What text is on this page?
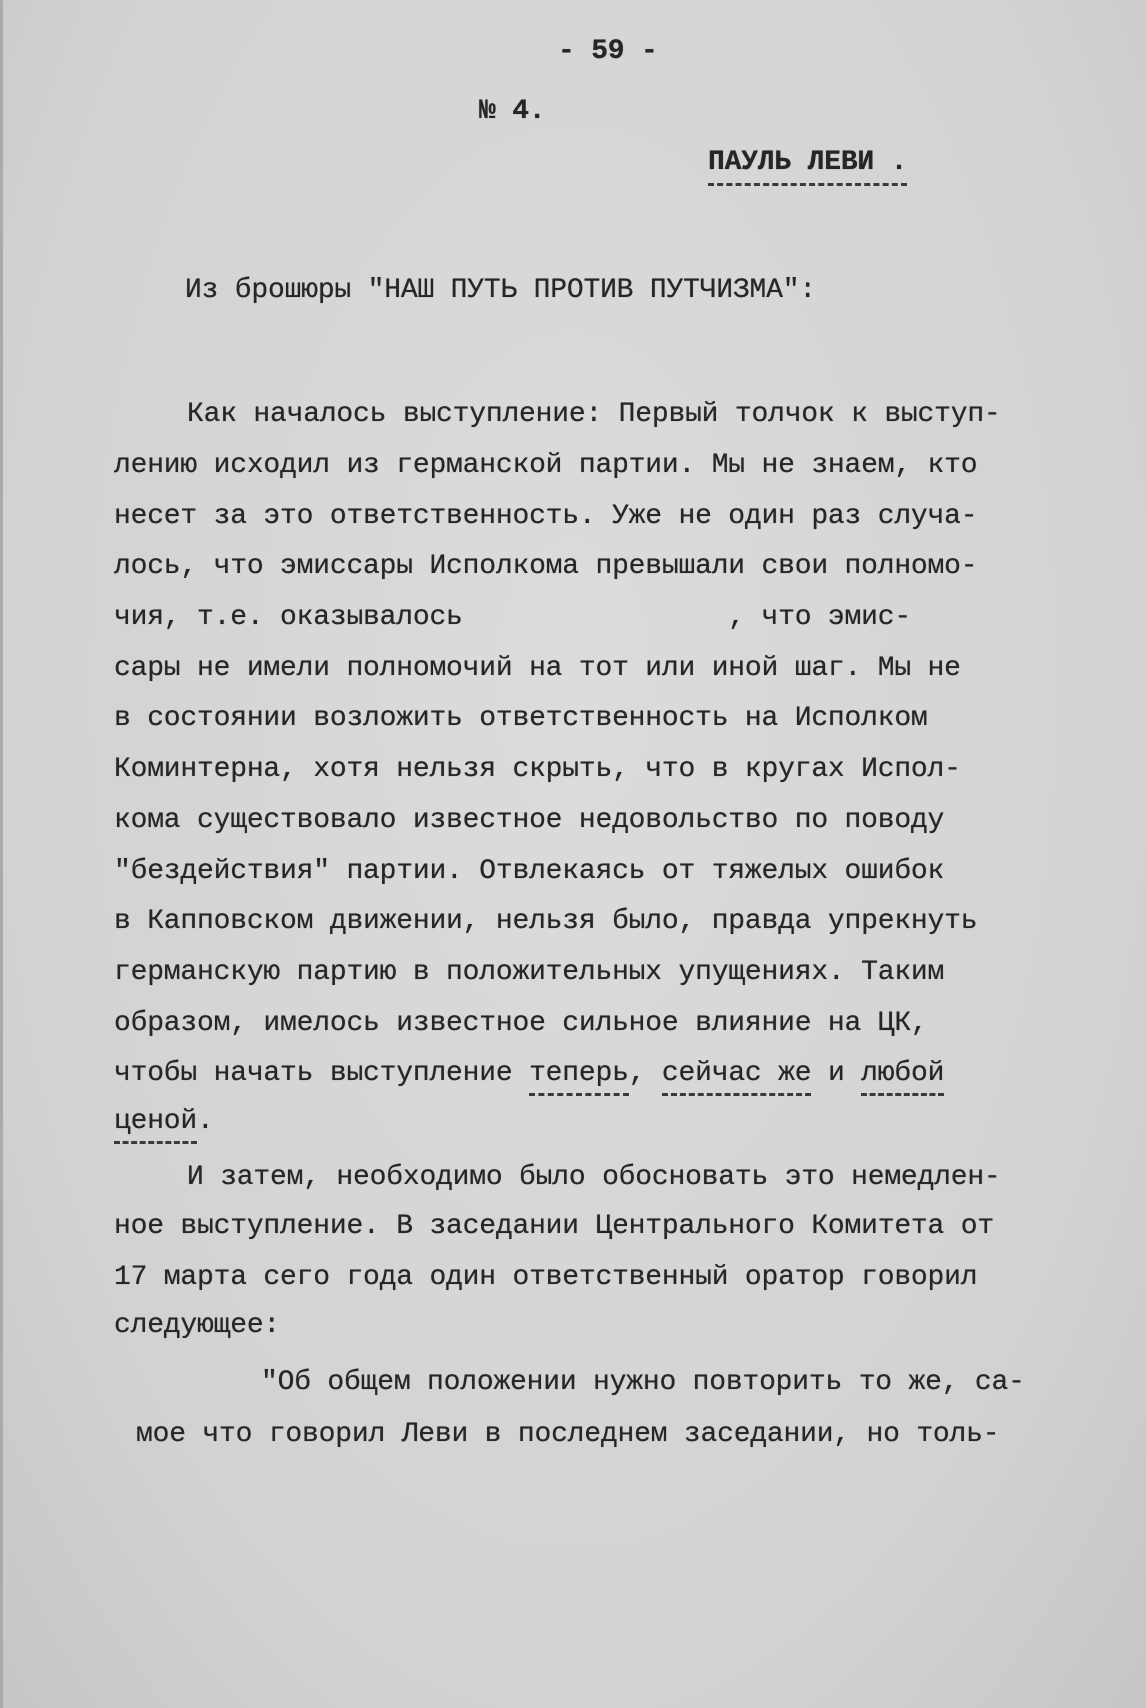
- 59 -
№ 4.
ПАУЛЬ ЛЕВИ .
Из брошюры "НАШ ПУТЬ ПРОТИВ ПУТЧИЗМА":
Как началось выступление: Первый толчок к выступ-
лению исходил из германской партии. Мы не знаем, кто
несет за это ответственность. Уже не один раз случа-
лось, что эмиссары Исполкома превышали свои полномо-
чия, т.е. оказывалось                , что эмис-
сары не имели полномочий на тот или иной шаг. Мы не
в состоянии возложить ответственность на Исполком
Коминтерна, хотя нельзя скрыть, что в кругах Испол-
кома существовало известное недовольство по поводу
"бездействия" партии. Отвлекаясь от тяжелых ошибок
в Капповском движении, нельзя было, правда упрекнуть
германскую партию в положительных упущениях. Таким
образом, имелось известное сильное влияние на ЦК,
чтобы начать выступление теперь, сейчас же и любой
ценой.
И затем, необходимо было обосновать это немедлен-
ное выступление. В заседании Центрального Комитета от
17 марта сего года один ответственный оратор говорил
следующее:
"Об общем положении нужно повторить то же, са-
мое что говорил Леви в последнем заседании, но толь-
